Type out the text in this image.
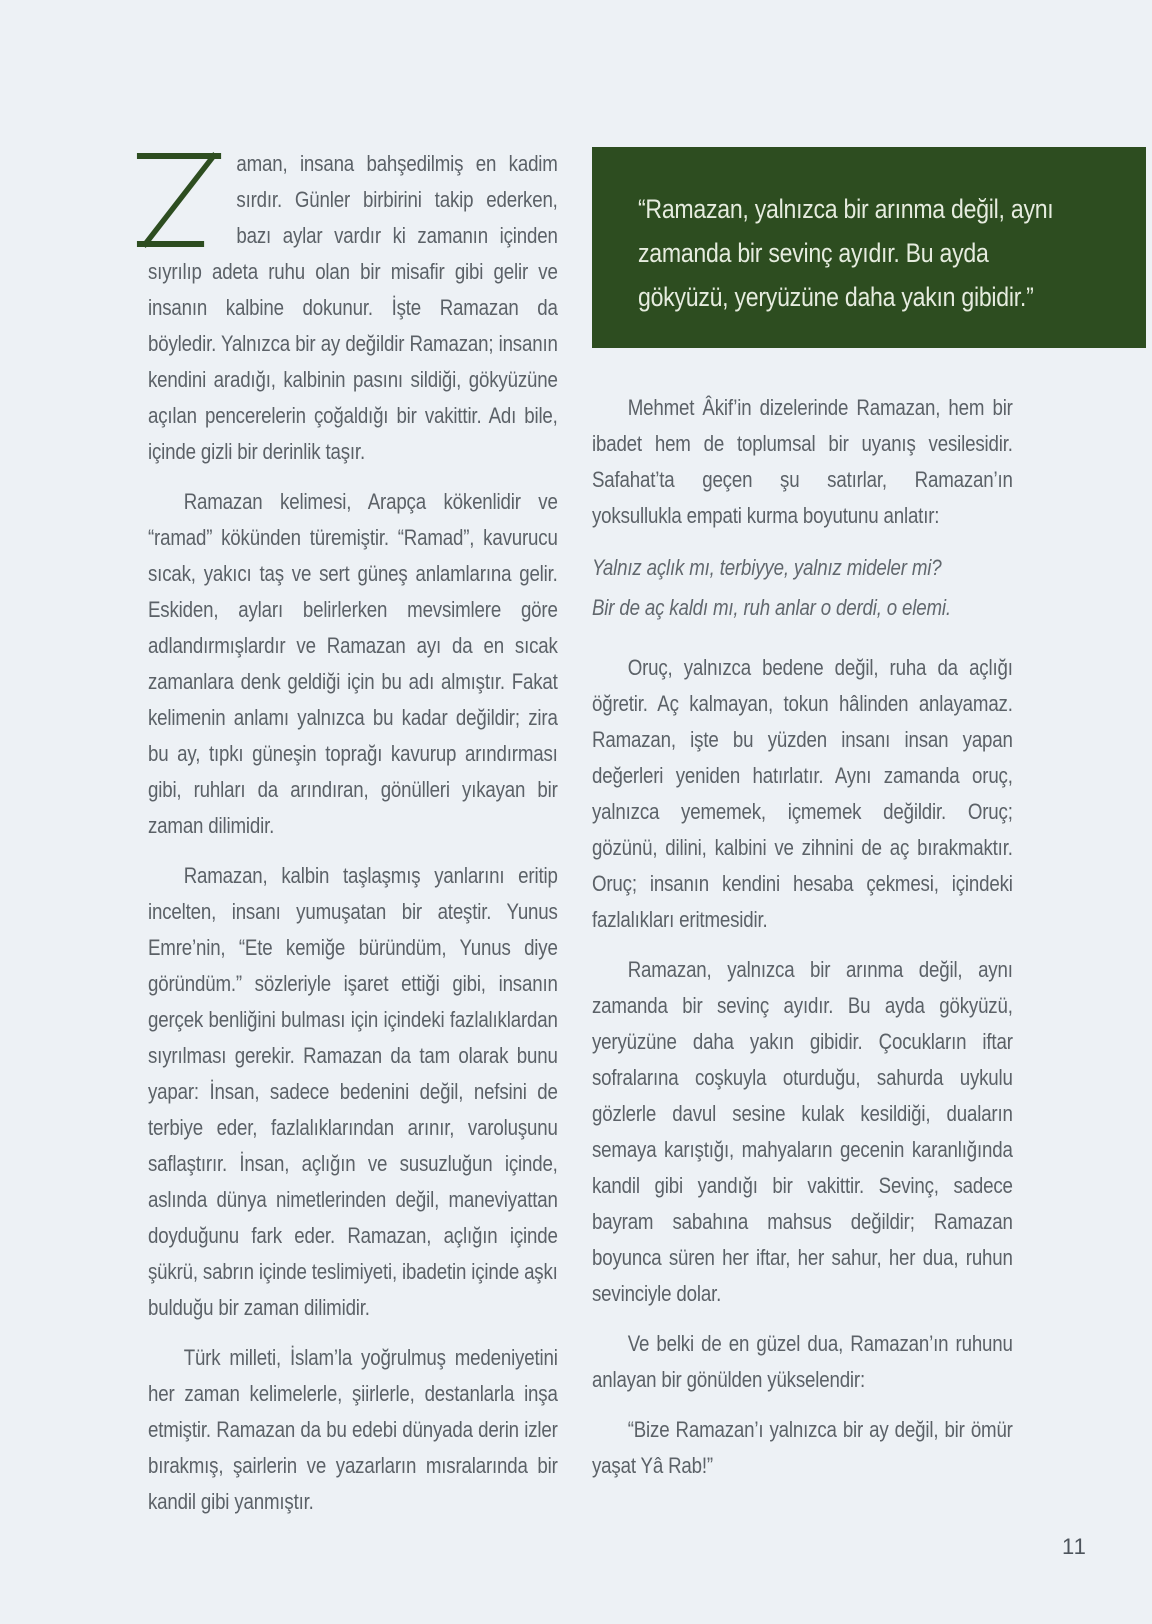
“Ramazan, yalnızca bir arınma değil, aynı zamanda bir sevinç ayıdır. Bu ayda gökyüzü, yeryüzüne daha yakın gibidir.”

aman, insana bahşedilmiş en kadim sırdır. Günler birbirini takip ederken, bazı aylar vardır ki zamanın içinden sıyrılıp adeta ruhu olan bir misafir gibi gelir ve insanın kalbine dokunur. İşte Ramazan da böyledir. Yalnızca bir ay değildir Ramazan; insanın kendini aradığı, kalbinin pasını sildiği, gökyüzüne açılan pencerelerin çoğaldığı bir vakittir. Adı bile, içinde gizli bir derinlik taşır.

Ramazan kelimesi, Arapça kökenlidir ve “ramad” kökünden türemiştir. “Ramad”, kavurucu sıcak, yakıcı taş ve sert güneş anlamlarına gelir. Eskiden, ayları belirlerken mevsimlere göre adlandırmışlardır ve Ramazan ayı da en sıcak zamanlara denk geldiği için bu adı almıştır. Fakat kelimenin anlamı yalnızca bu kadar değildir; zira bu ay, tıpkı güneşin toprağı kavurup arındırması gibi, ruhları da arındıran, gönülleri yıkayan bir zaman dilimidir.

Ramazan, kalbin taşlaşmış yanlarını eritip incelten, insanı yumuşatan bir ateştir. Yunus Emre’nin, “Ete kemiğe büründüm, Yunus diye göründüm.” sözleriyle işaret ettiği gibi, insanın gerçek benliğini bulması için içindeki fazlalıklardan sıyrılması gerekir. Ramazan da tam olarak bunu yapar: İnsan, sadece bedenini değil, nefsini de terbiye eder, fazlalıklarından arınır, varoluşunu saflaştırır. İnsan, açlığın ve susuzluğun içinde, aslında dünya nimetlerinden değil, maneviyattan doyduğunu fark eder. Ramazan, açlığın içinde şükrü, sabrın içinde teslimiyeti, ibadetin içinde aşkı bulduğu bir zaman dilimidir.

Türk milleti, İslam’la yoğrulmuş medeniyetini her zaman kelimelerle, şiirlerle, destanlarla inşa etmiştir. Ramazan da bu edebi dünyada derin izler bırakmış, şairlerin ve yazarların mısralarında bir kandil gibi yanmıştır.

Mehmet Âkif’in dizelerinde Ramazan, hem bir ibadet hem de toplumsal bir uyanış vesilesidir. Safahat’ta geçen şu satırlar, Ramazan’ın yoksullukla empati kurma boyutunu anlatır:

Yalnız açlık mı, terbiyye, yalnız mideler mi?
Bir de aç kaldı mı, ruh anlar o derdi, o elemi.

Oruç, yalnızca bedene değil, ruha da açlığı öğretir. Aç kalmayan, tokun hâlinden anlayamaz. Ramazan, işte bu yüzden insanı insan yapan değerleri yeniden hatırlatır. Aynı zamanda oruç, yalnızca yememek, içmemek değildir. Oruç; gözünü, dilini, kalbini ve zihnini de aç bırakmaktır. Oruç; insanın kendini hesaba çekmesi, içindeki fazlalıkları eritmesidir.

Ramazan, yalnızca bir arınma değil, aynı zamanda bir sevinç ayıdır. Bu ayda gökyüzü, yeryüzüne daha yakın gibidir. Çocukların iftar sofralarına coşkuyla oturduğu, sahurda uykulu gözlerle davul sesine kulak kesildiği, duaların semaya karıştığı, mahyaların gecenin karanlığında kandil gibi yandığı bir vakittir. Sevinç, sadece bayram sabahına mahsus değildir; Ramazan boyunca süren her iftar, her sahur, her dua, ruhun sevinciyle dolar.

Ve belki de en güzel dua, Ramazan’ın ruhunu anlayan bir gönülden yükselendir:

“Bize Ramazan’ı yalnızca bir ay değil, bir ömür yaşat Yâ Rab!”

11
